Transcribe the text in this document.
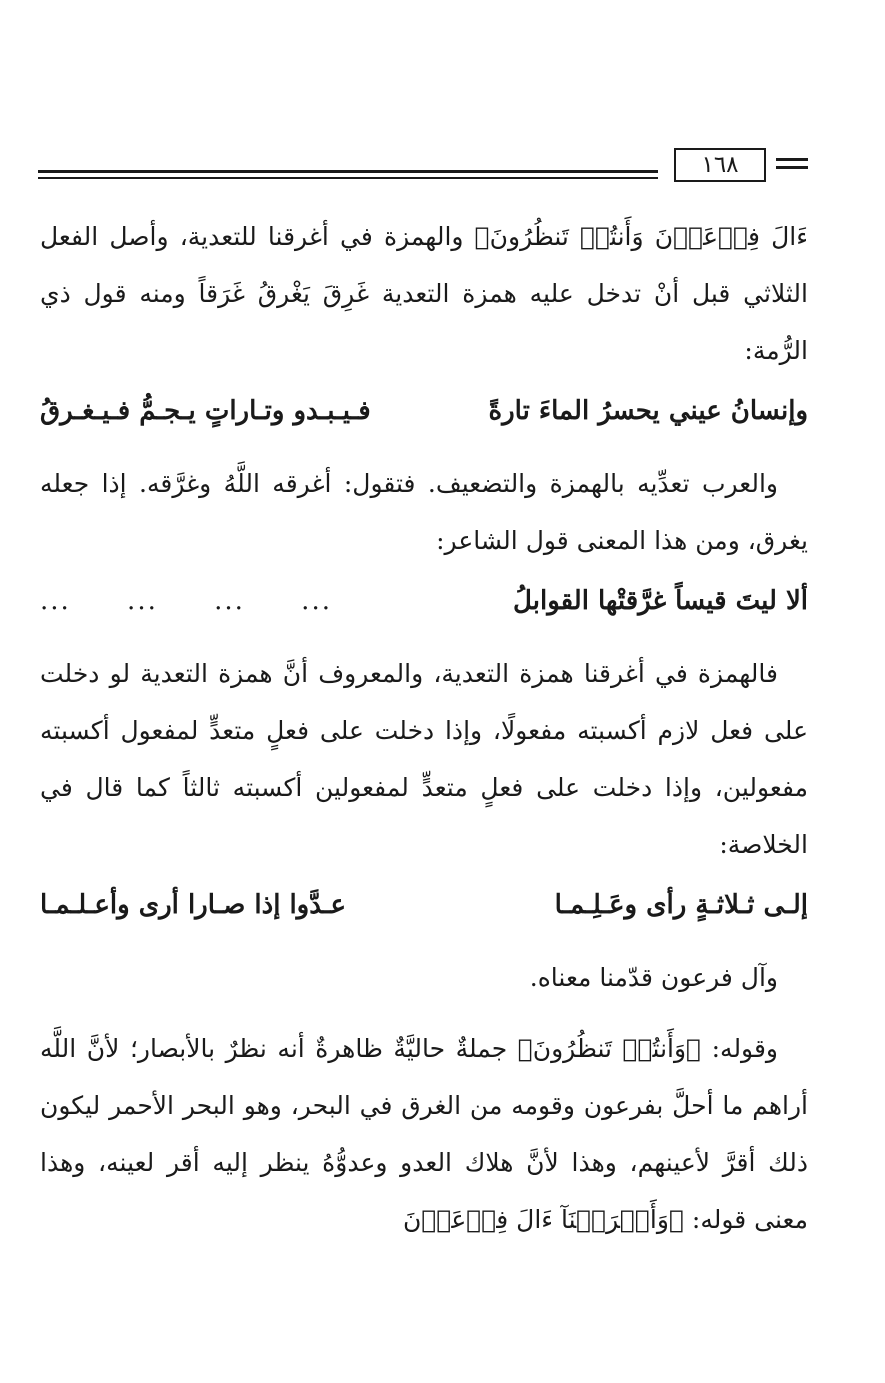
١٦٨

ءَالَ فِرۡعَوۡنَ وَأَنتُمۡ تَنظُرُونَ﴾ والهمزة في أغرقنا للتعدية، وأصل الفعل الثلاثي قبل أنْ تدخل عليه همزة التعدية غَرِقَ يَغْرقُ غَرَقاً ومنه قول ذي الرُّمة:

وإنسانُ عيني يحسرُ الماءَ تارةً
فـيـبـدو وتـاراتٍ يـجـمُّ فـيـغـرقُ

والعرب تعدِّيه بالهمزة والتضعيف. فتقول: أغرقه اللَّهُ وغرَّقه. إذا جعله يغرق، ومن هذا المعنى قول الشاعر:

ألا ليتَ قيساً غرَّقتْها القوابلُ
... ... ... ...

فالهمزة في أغرقنا همزة التعدية، والمعروف أنَّ همزة التعدية لو دخلت على فعل لازم أكسبته مفعولًا، وإذا دخلت على فعلٍ متعدٍّ لمفعول أكسبته مفعولين، وإذا دخلت على فعلٍ متعدٍّ لمفعولين أكسبته ثالثاً كما قال في الخلاصة:

إلـى ثـلاثـةٍ رأى وعَـلِـمـا
عـدَّوا إذا صـارا أرى وأعـلـمـا

وآل فرعون قدّمنا معناه.

وقوله: ﴿وَأَنتُمۡ تَنظُرُونَ﴾ جملةٌ حاليَّةٌ ظاهرةٌ أنه نظرٌ بالأبصار؛ لأنَّ اللَّه أراهم ما أحلَّ بفرعون وقومه من الغرق في البحر، وهو البحر الأحمر ليكون ذلك أقرَّ لأعينهم، وهذا لأنَّ هلاك العدو وعدوُّهُ ينظر إليه أقر لعينه، وهذا معنى قوله: ﴿وَأَغۡرَقۡنَآ ءَالَ فِرۡعَوۡنَ
